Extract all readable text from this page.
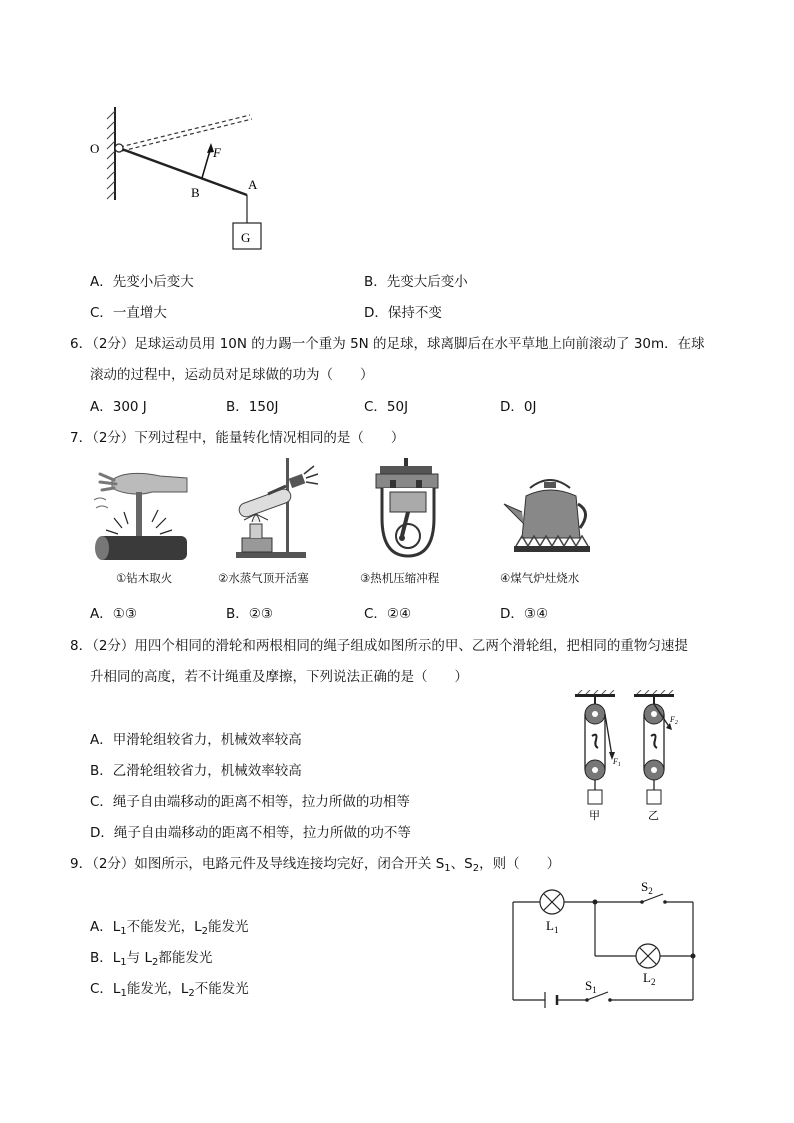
O	F
B
A
G
A．先变小后变大	B．先变大后变小
C．一直增大	D．保持不变
6．（2分）足球运动员用 10N 的力踢一个重为 5N 的足球，球离脚后在水平草地上向前滚动了 30m．在球
滚动的过程中，运动员对足球做的功为（　　）
A．300 J	B．150J	C．50J	D．0J
7．（2分）下列过程中，能量转化情况相同的是（　　）
①钻木取火	②水蒸气顶开活塞	③热机压缩冲程	④煤气炉灶烧水
A．①③	B．②③	C．②④	D．③④
8．（2分）用四个相同的滑轮和两根相同的绳子组成如图所示的甲、乙两个滑轮组，把相同的重物匀速提
升相同的高度，若不计绳重及摩擦，下列说法正确的是（　　）
A．甲滑轮组较省力，机械效率较高
B．乙滑轮组较省力，机械效率较高
C．绳子自由端移动的距离不相等，拉力所做的功相等
D．绳子自由端移动的距离不相等，拉力所做的功不等
$F_1$
$F_2$
甲	乙
9．（2分）如图所示，电路元件及导线连接均完好，闭合开关 $S_1$、$S_2$，则（　　）
A．$L_1$不能发光，$L_2$能发光
B．$L_1$与 $L_2$都能发光
C．$L_1$能发光，$L_2$不能发光
$L_1$
$L_2$
$S_2$
$S_1$
